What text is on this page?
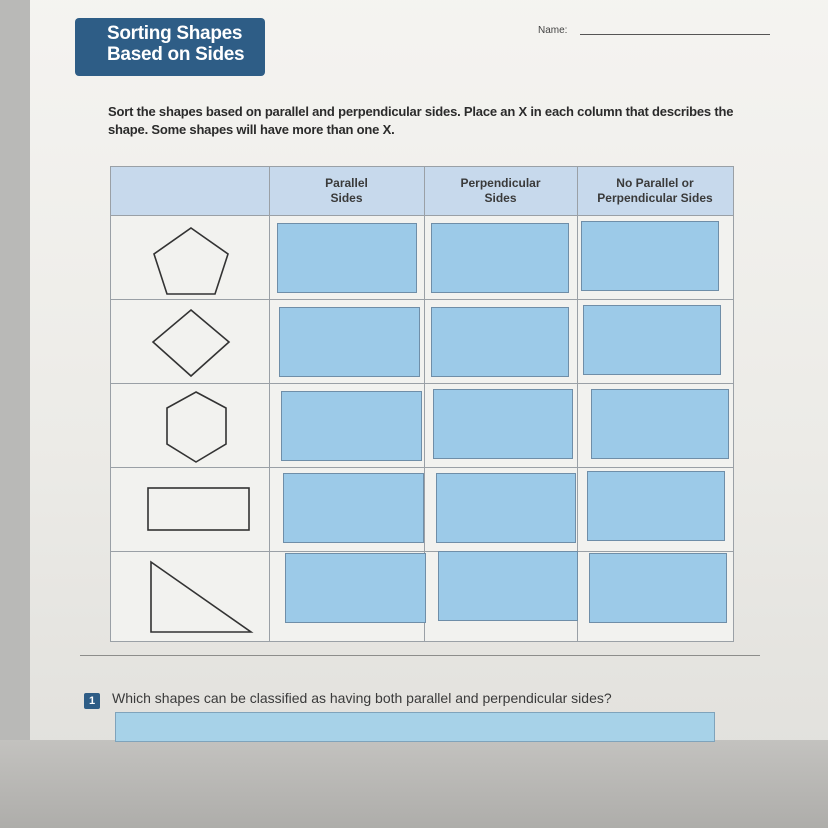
Sorting Shapes
Based on Sides
Name:
Sort the shapes based on parallel and perpendicular sides. Place an X in each column that describes the shape. Some shapes will have more than one X.
Parallel
Sides
Perpendicular
Sides
No Parallel or
Perpendicular Sides
1	Which shapes can be classified as having both parallel and perpendicular sides?
